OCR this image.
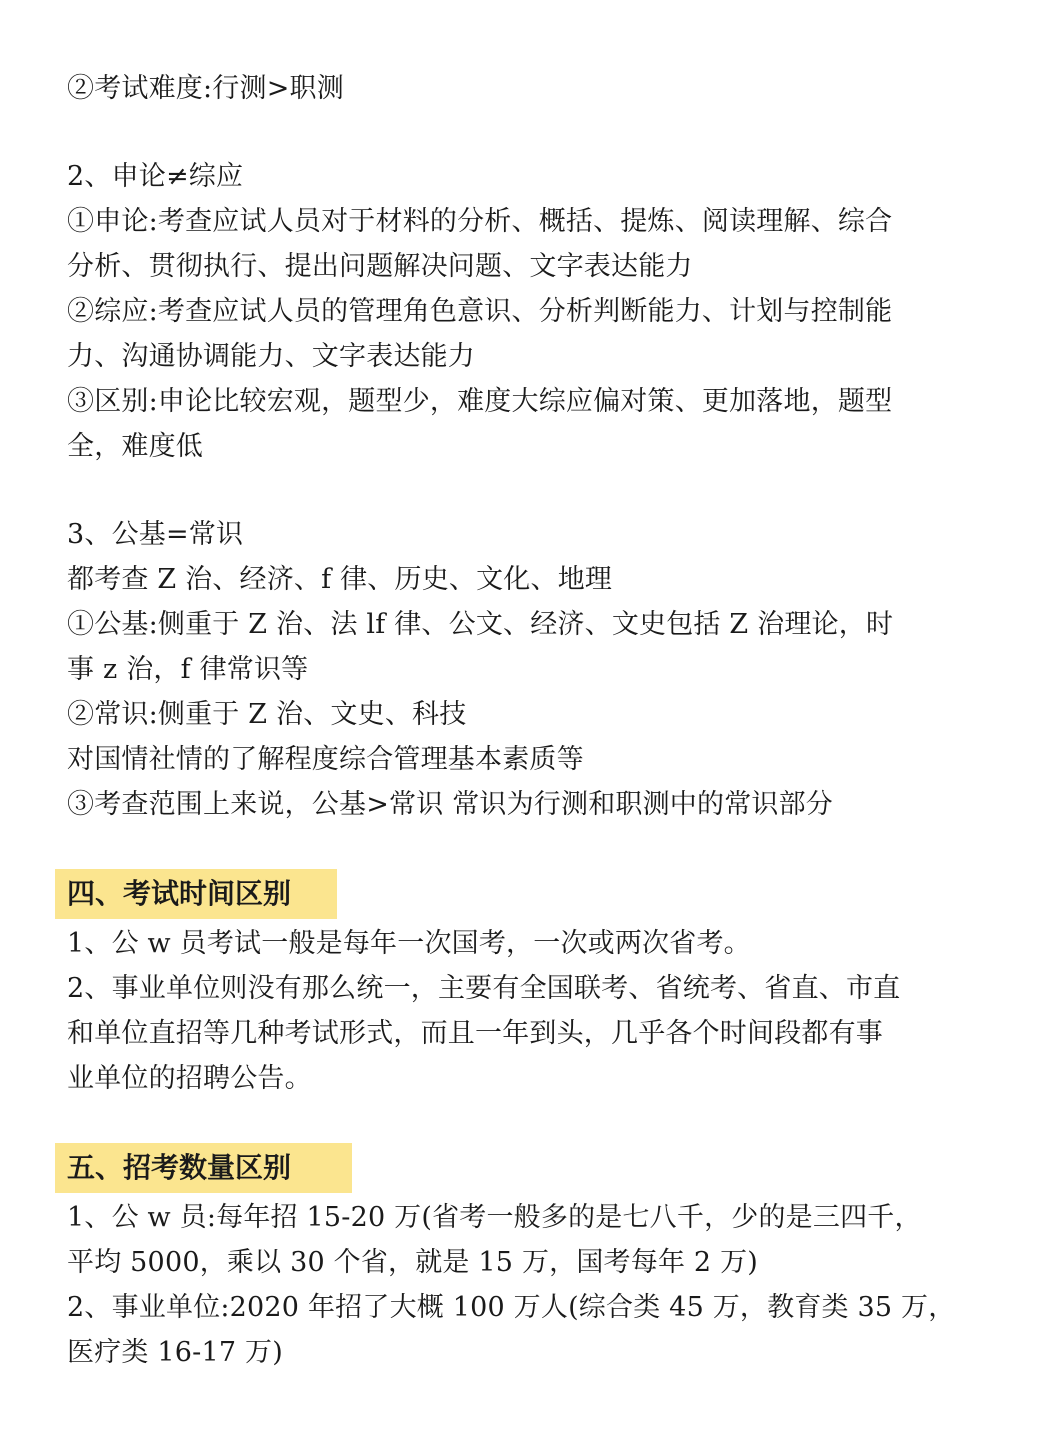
②考试难度:行测>职测
2、申论≠综应
①申论:考查应试人员对于材料的分析、概括、提炼、阅读理解、综合
分析、贯彻执行、提出问题解决问题、文字表达能力
②综应:考查应试人员的管理角色意识、分析判断能力、计划与控制能
力、沟通协调能力、文字表达能力
③区别:申论比较宏观，题型少，难度大综应偏对策、更加落地，题型
全，难度低
3、公基=常识
都考查 Z 治、经济、f 律、历史、文化、地理
①公基:侧重于 Z 治、法 lf 律、公文、经济、文史包括 Z 治理论，时
事 z 治，f 律常识等
②常识:侧重于 Z 治、文史、科技
对国情社情的了解程度综合管理基本素质等
③考查范围上来说，公基>常识 常识为行测和职测中的常识部分
四、考试时间区别
1、公 w 员考试一般是每年一次国考，一次或两次省考。
2、事业单位则没有那么统一，主要有全国联考、省统考、省直、市直
和单位直招等几种考试形式，而且一年到头，几乎各个时间段都有事
业单位的招聘公告。
五、招考数量区别
1、公 w 员:每年招 15-20 万(省考一般多的是七八千，少的是三四千，
平均 5000，乘以 30 个省，就是 15 万，国考每年 2 万)
2、事业单位:2020 年招了大概 100 万人(综合类 45 万，教育类 35 万，
医疗类 16-17 万)
